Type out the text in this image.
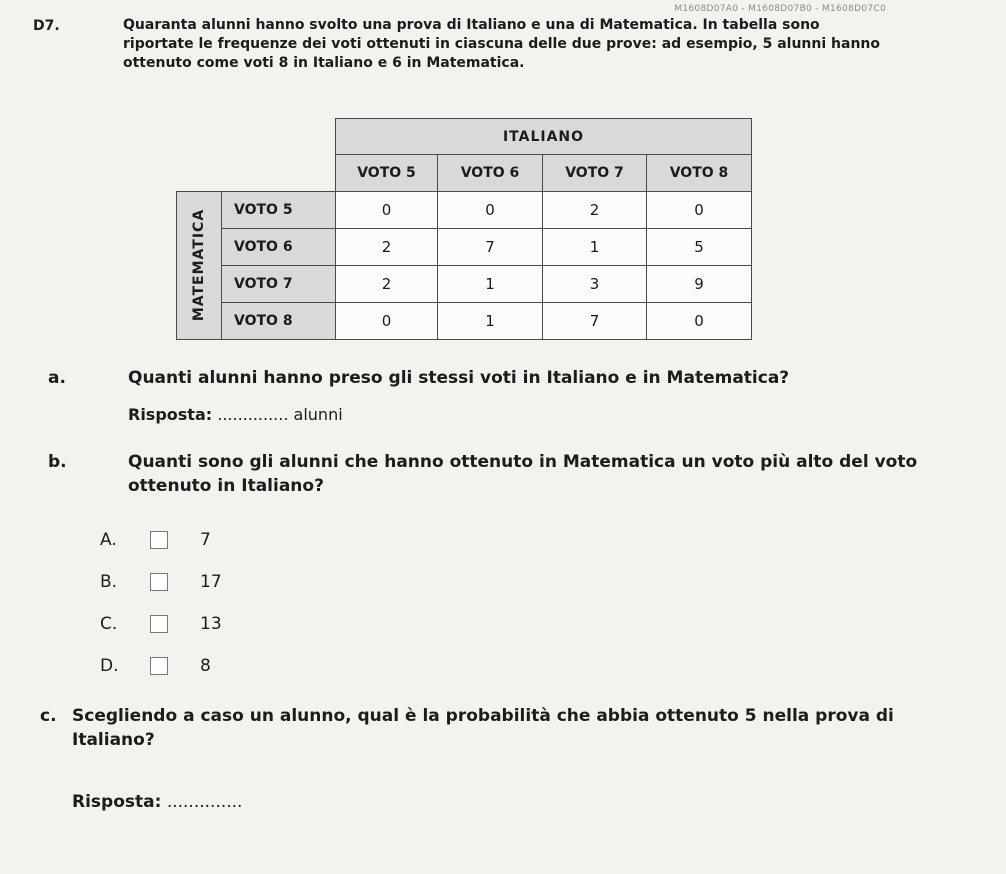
M1608D07A0 - M1608D07B0 - M1608D07C0
D7.	Quaranta alunni hanno svolto una prova di Italiano e una di Matematica. In tabella sono riportate le frequenze dei voti ottenuti in ciascuna delle due prove: ad esempio, 5 alunni hanno ottenuto come voti 8 in Italiano e 6 in Matematica.
		ITALIANO			
		VOTO 5	VOTO 6	VOTO 7	VOTO 8

MATEMATICA	VOTO 5	0	0	2	0
	VOTO 6	2	7	1	5
	VOTO 7	2	1	3	9
	VOTO 8	0	1	7	0
a.	Quanti alunni hanno preso gli stessi voti in Italiano e in Matematica?
Risposta: .............. alunni
b.	Quanti sono gli alunni che hanno ottenuto in Matematica un voto più alto del voto ottenuto in Italiano?
A.	7
B.	17
C.	13
D.	8
c. Scegliendo a caso un alunno, qual è la probabilità che abbia ottenuto 5 nella prova di Italiano?
Risposta: ..............
